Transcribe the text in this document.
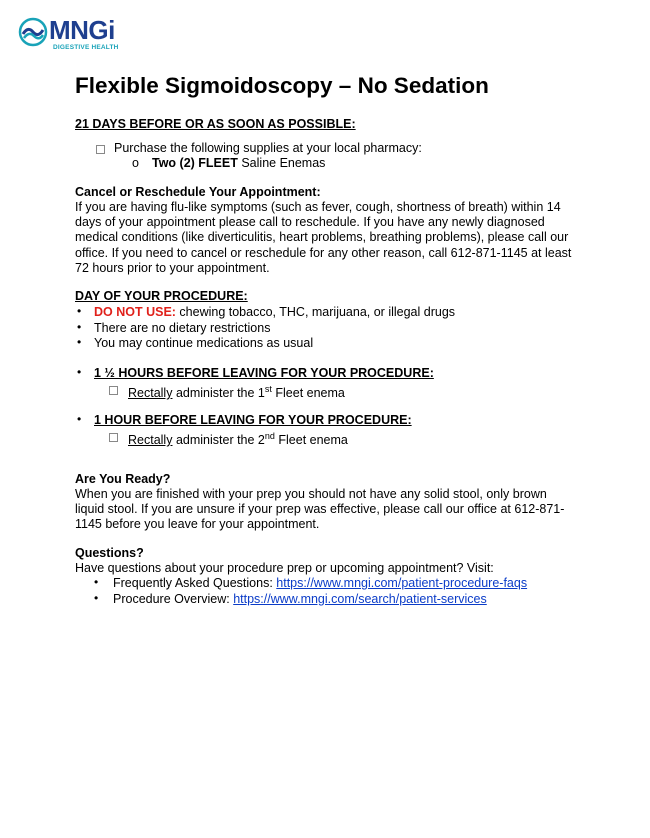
MNGi
DIGESTIVE HEALTH
Flexible Sigmoidoscopy – No Sedation
21 DAYS BEFORE OR AS SOON AS POSSIBLE:
Purchase the following supplies at your local pharmacy:
o Two (2) FLEET Saline Enemas
Cancel or Reschedule Your Appointment:
If you are having flu-like symptoms (such as fever, cough, shortness of breath) within 14 days of your appointment please call to reschedule. If you have any newly diagnosed medical conditions (like diverticulitis, heart problems, breathing problems), please call our office. If you need to cancel or reschedule for any other reason, call 612-871-1145 at least 72 hours prior to your appointment.
DAY OF YOUR PROCEDURE:
• DO NOT USE: chewing tobacco, THC, marijuana, or illegal drugs
• There are no dietary restrictions
• You may continue medications as usual
• 1 ½ HOURS BEFORE LEAVING FOR YOUR PROCEDURE:
Rectally administer the 1st Fleet enema
• 1 HOUR BEFORE LEAVING FOR YOUR PROCEDURE:
Rectally administer the 2nd Fleet enema
Are You Ready?
When you are finished with your prep you should not have any solid stool, only brown liquid stool. If you are unsure if your prep was effective, please call our office at 612-871-1145 before you leave for your appointment.
Questions?
Have questions about your procedure prep or upcoming appointment? Visit:
• Frequently Asked Questions: https://www.mngi.com/patient-procedure-faqs
• Procedure Overview: https://www.mngi.com/search/patient-services
